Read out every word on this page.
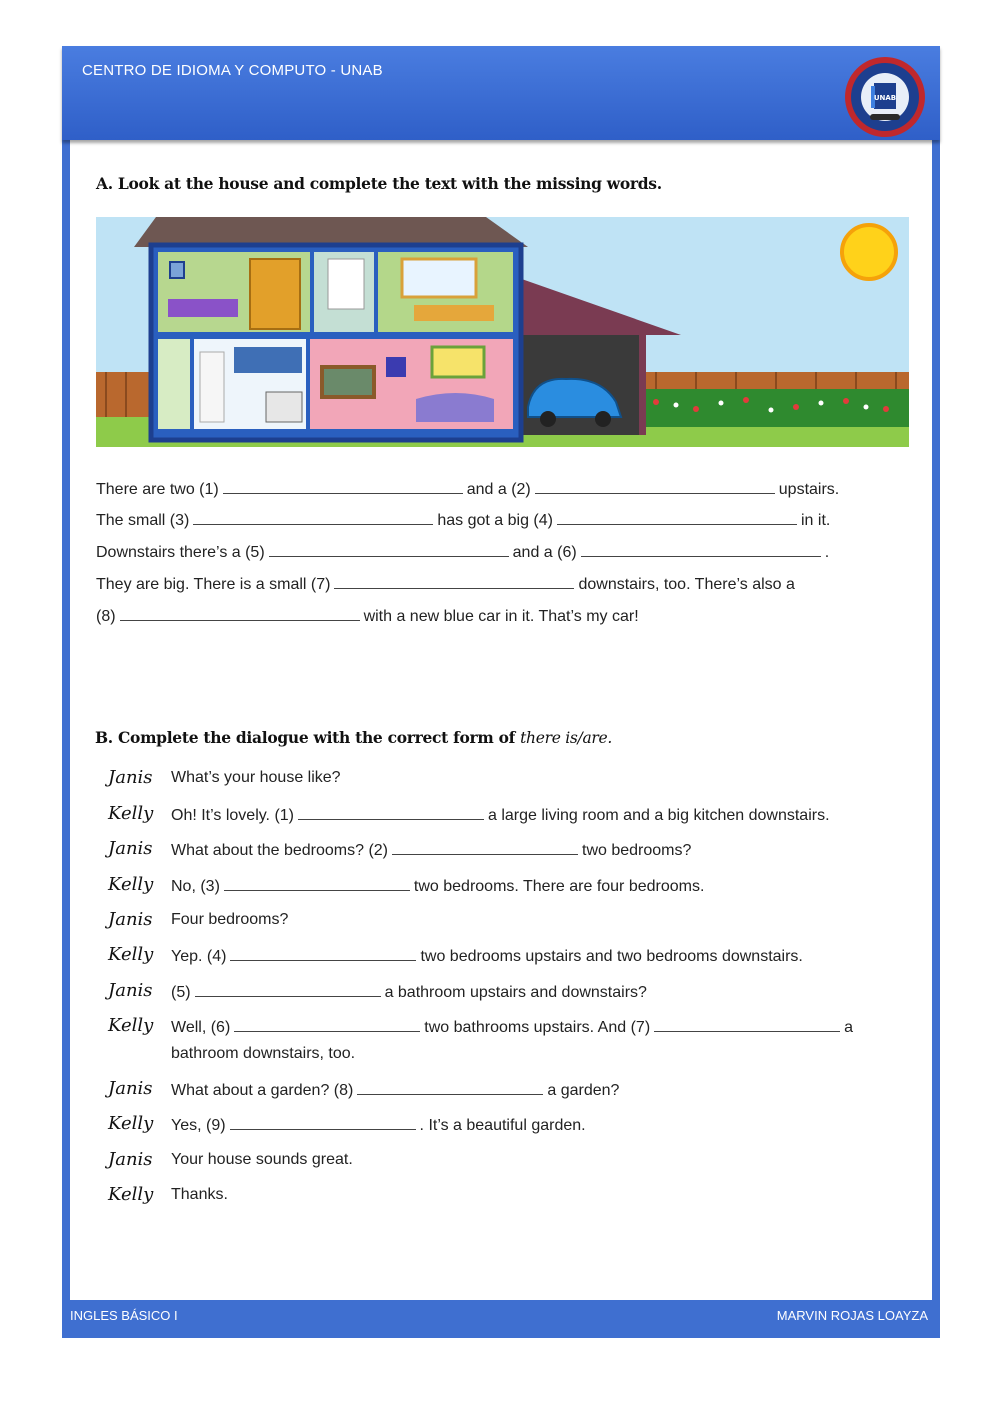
CENTRO DE IDIOMA Y COMPUTO - UNAB
UNAB
A. Look at the house and complete the text with the missing words.
There are two (1)	and a (2)	upstairs.
The small (3)	has got a big (4)	in it.
Downstairs there’s a (5)	and a (6)	.
They are big. There is a small (7)	downstairs, too. There’s also a
(8)	with a new blue car in it. That’s my car!
B. Complete the dialogue with the correct form of there is/are.
Janis What’s your house like?
Kelly Oh! It’s lovely. (1)	a large living room and a big kitchen downstairs.
Janis What about the bedrooms? (2)	two bedrooms?
Kelly No, (3)	two bedrooms. There are four bedrooms.
Janis Four bedrooms?
Kelly Yep. (4)	two bedrooms upstairs and two bedrooms downstairs.
Janis (5)	a bathroom upstairs and downstairs?
Kelly Well, (6)	two bathrooms upstairs. And (7)	a
bathroom downstairs, too.
Janis What about a garden? (8)	a garden?
Kelly Yes, (9)	. It’s a beautiful garden.
Janis Your house sounds great.
Kelly Thanks.
INGLES BÁSICO I	MARVIN ROJAS LOAYZA
